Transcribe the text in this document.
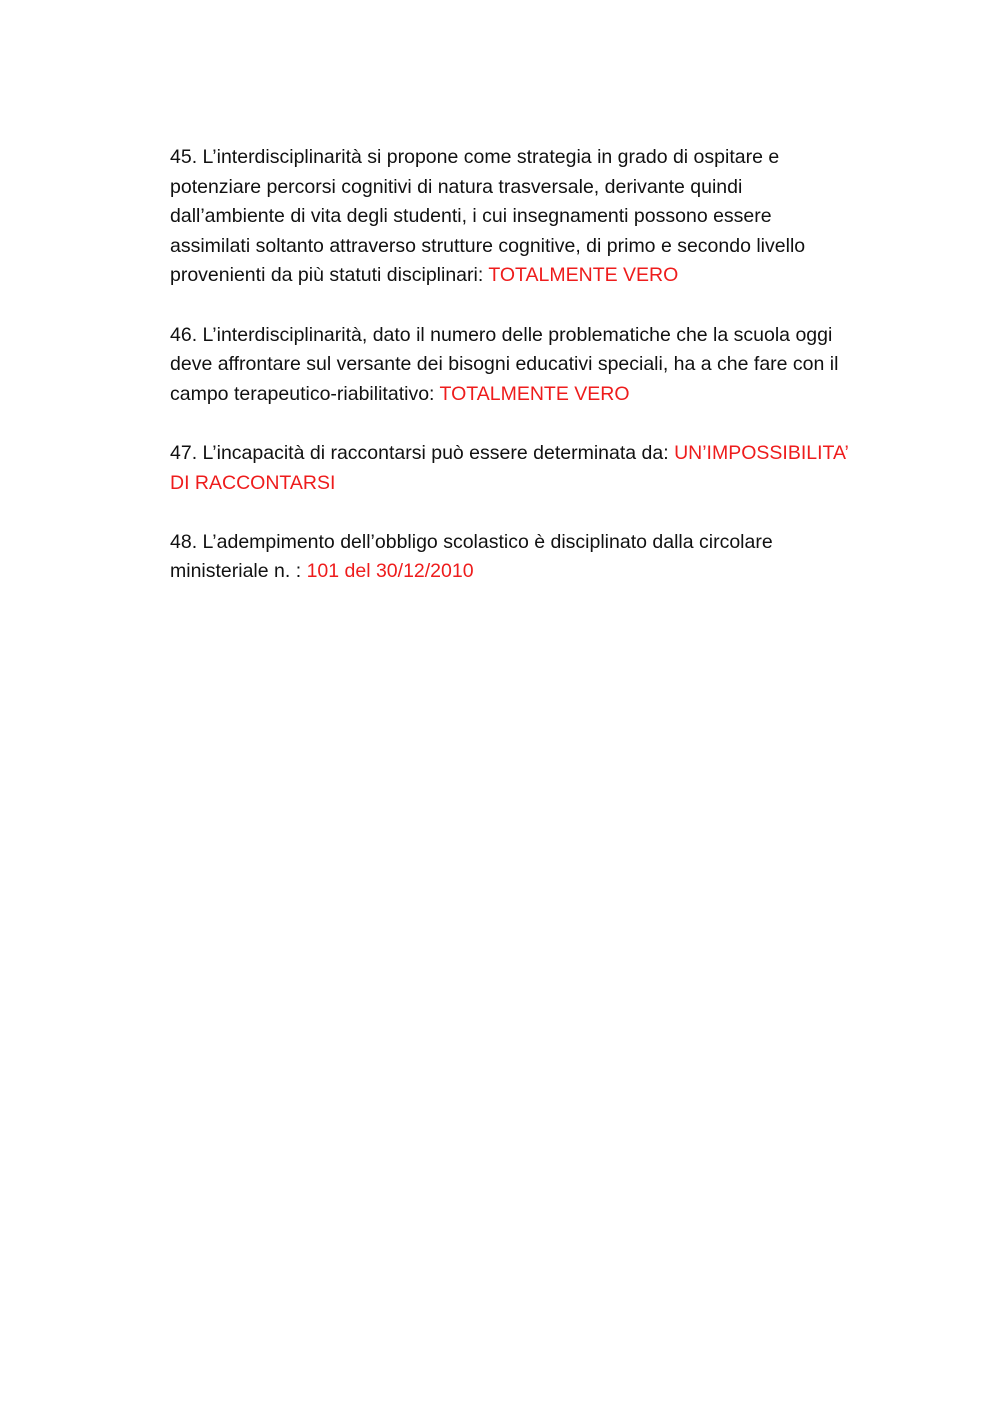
45. L’interdisciplinarità si propone come strategia in grado di ospitare e
potenziare percorsi cognitivi di natura trasversale, derivante quindi
dall’ambiente di vita degli studenti, i cui insegnamenti possono essere
assimilati soltanto attraverso strutture cognitive, di primo e secondo livello
provenienti da più statuti disciplinari: TOTALMENTE VERO
46. L’interdisciplinarità, dato il numero delle problematiche che la scuola oggi
deve affrontare sul versante dei bisogni educativi speciali, ha a che fare con il
campo terapeutico-riabilitativo: TOTALMENTE VERO
47. L’incapacità di raccontarsi può essere determinata da: UN’IMPOSSIBILITA’
DI RACCONTARSI
48. L’adempimento dell’obbligo scolastico è disciplinato dalla circolare
ministeriale n. : 101 del 30/12/2010
